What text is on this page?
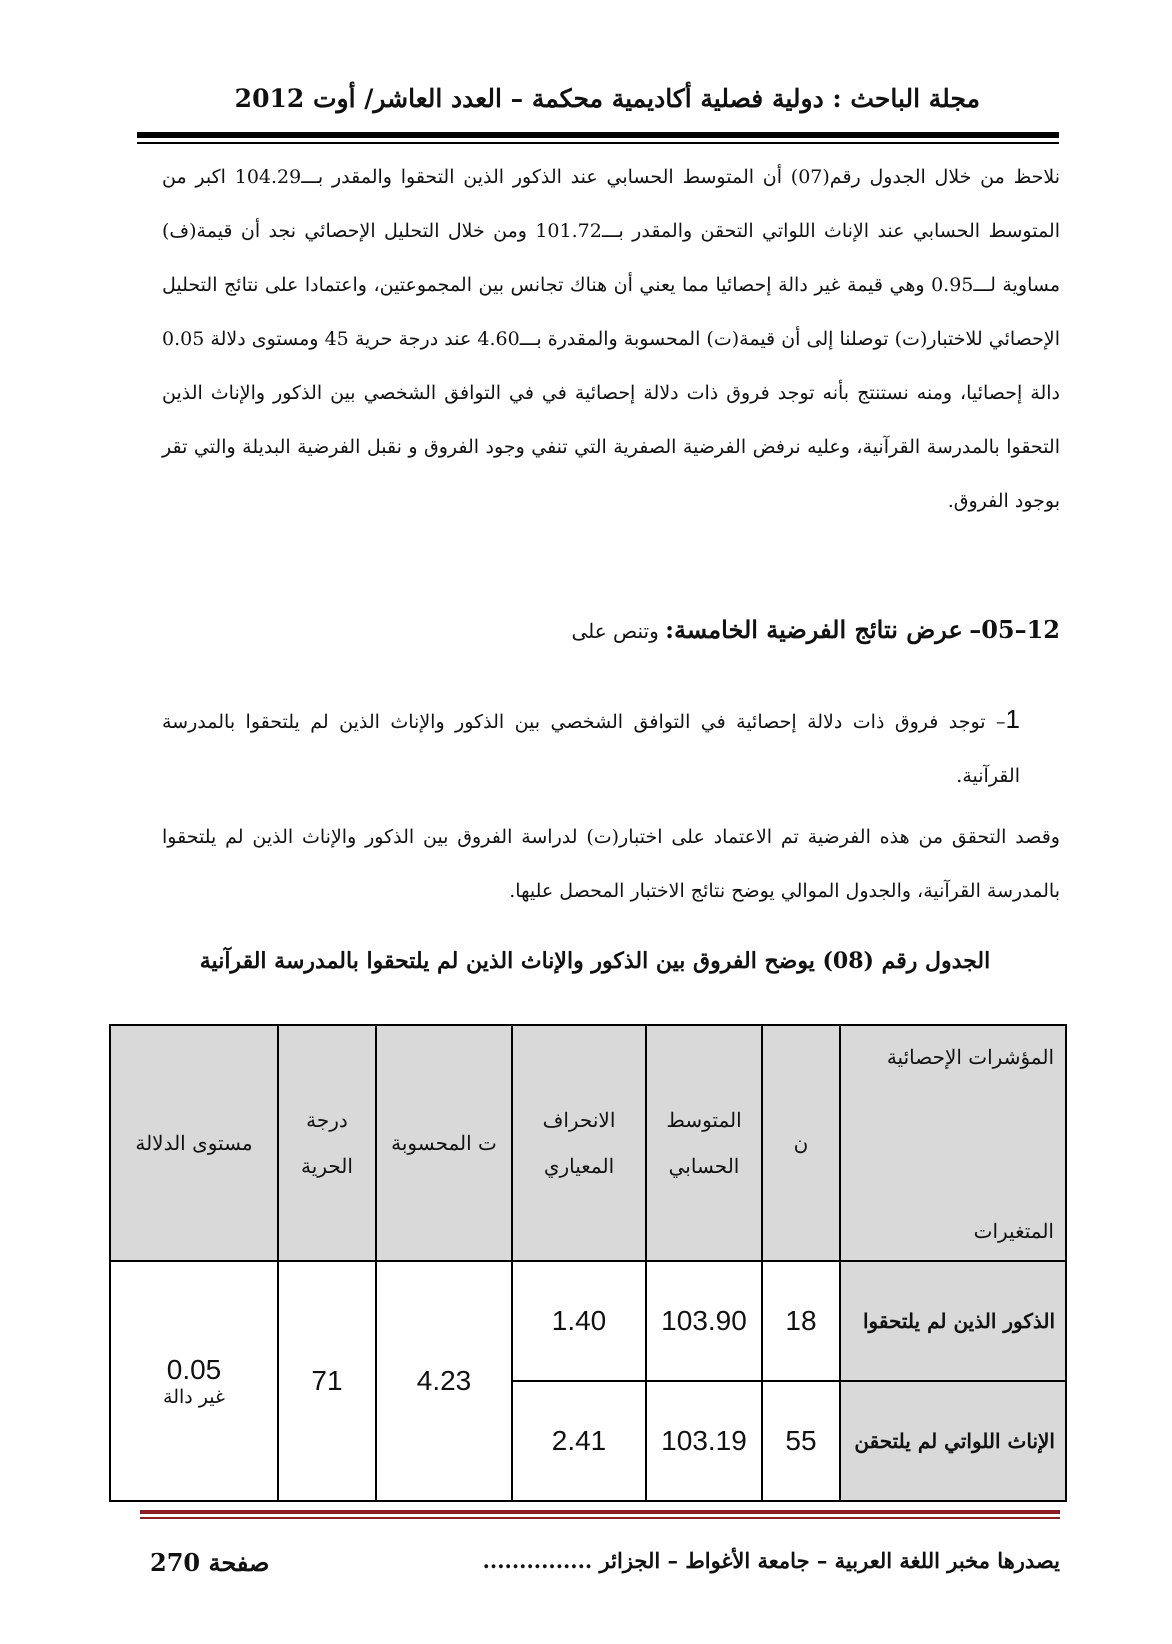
مجلة الباحث : دولية فصلية أكاديمية محكمة – العدد العاشر/ أوت 2012

نلاحظ من خلال الجدول رقم(07) أن المتوسط الحسابي عند الذكور الذين التحقوا والمقدر بـــ104.29 اكبر من المتوسط الحسابي عند الإناث اللواتي التحقن والمقدر بـــ101.72 ومن خلال التحليل الإحصائي نجد أن قيمة(ف) مساوية لـــ0.95 وهي قيمة غير دالة إحصائيا مما يعني أن هناك تجانس بين المجموعتين، واعتمادا على نتائج التحليل الإحصائي للاختبار(ت) توصلنا إلى أن قيمة(ت) المحسوبة والمقدرة بـــ4.60 عند درجة حرية 45 ومستوى دلالة 0.05 دالة إحصائيا، ومنه نستنتج بأنه توجد فروق ذات دلالة إحصائية في في التوافق الشخصي بين الذكور والإناث الذين التحقوا بالمدرسة القرآنية، وعليه نرفض الفرضية الصفرية التي تنفي وجود الفروق و نقبل الفرضية البديلة والتي تقر بوجود الفروق.

12–05– عرض نتائج الفرضية الخامسة: وتنص على

1– توجد فروق ذات دلالة إحصائية في التوافق الشخصي بين الذكور والإناث الذين لم يلتحقوا بالمدرسة القرآنية.

وقصد التحقق من هذه الفرضية تم الاعتماد على اختبار(ت) لدراسة الفروق بين الذكور والإناث الذين لم يلتحقوا بالمدرسة القرآنية، والجدول الموالي يوضح نتائج الاختبار المحصل عليها.

الجدول رقم (08) يوضح الفروق بين الذكور والإناث الذين لم يلتحقوا بالمدرسة القرآنية
المؤشرات الإحصائية
المتغيرات	ن	المتوسط الحسابي	الانحراف المعياري	ت المحسوبة	درجة الحرية	مستوى الدلالة
الذكور الذين لم يلتحقوا	18	103.90	1.40	4.23	71	0.05
غير دالة

الإناث اللواتي لم يلتحقن	55	103.19	2.41			
يصدرها مخبر اللغة العربية – جامعة الأغواط – الجزائر ...............
صفحة 270
